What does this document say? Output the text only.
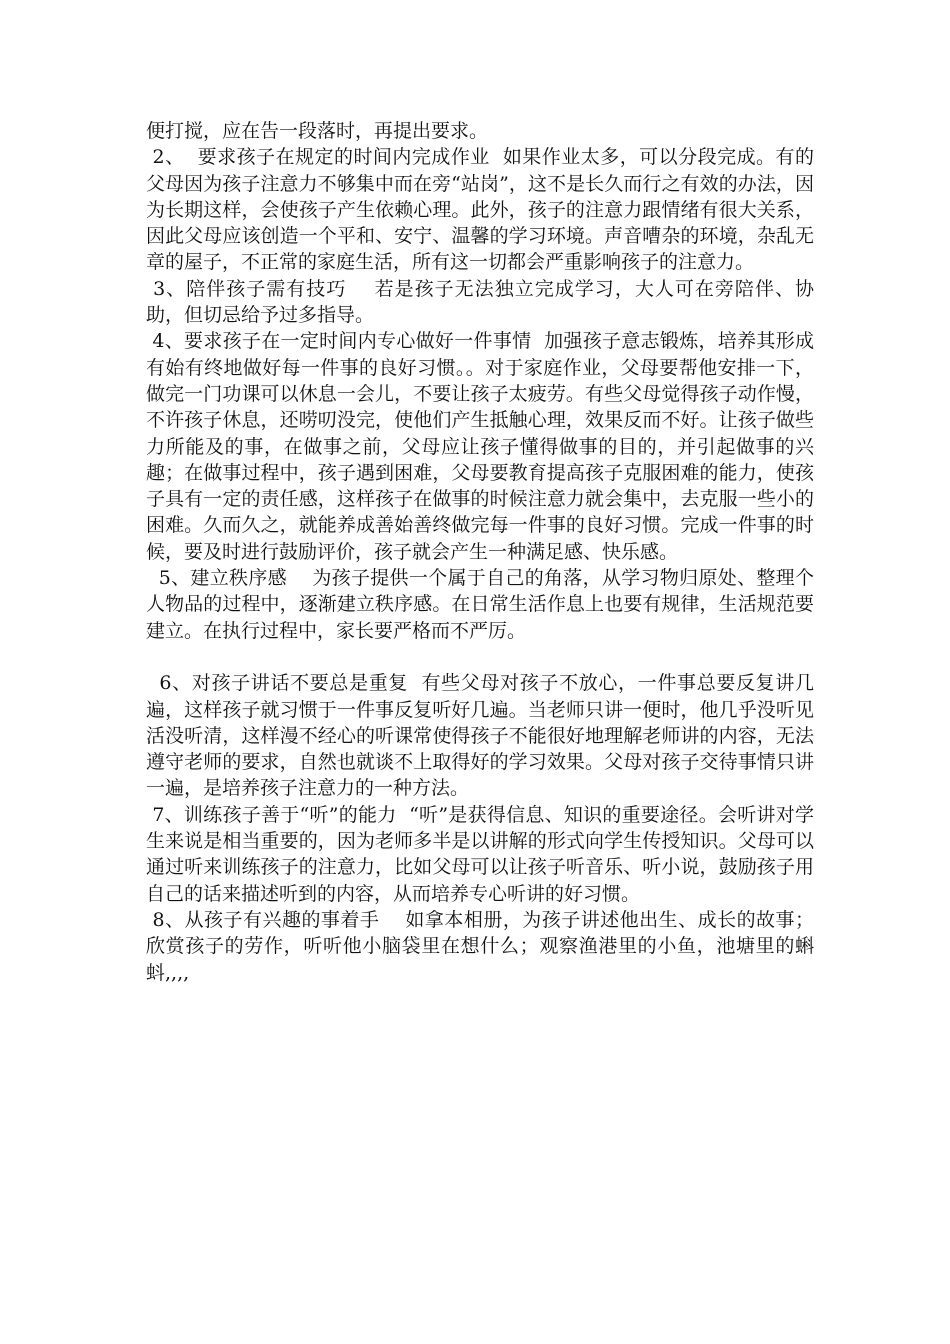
便打搅，应在告一段落时，再提出要求。

2、  要求孩子在规定的时间内完成作业  如果作业太多，可以分段完成。有的父母因为孩子注意力不够集中而在旁“站岗”，这不是长久而行之有效的办法，因为长期这样，会使孩子产生依赖心理。此外，孩子的注意力跟情绪有很大关系，因此父母应该创造一个平和、安宁、温馨的学习环境。声音嘈杂的环境，杂乱无章的屋子，不正常的家庭生活，所有这一切都会严重影响孩子的注意力。

3、陪伴孩子需有技巧    若是孩子无法独立完成学习，大人可在旁陪伴、协助，但切忌给予过多指导。

4、要求孩子在一定时间内专心做好一件事情  加强孩子意志锻炼，培养其形成有始有终地做好每一件事的良好习惯。。对于家庭作业，父母要帮他安排一下，做完一门功课可以休息一会儿，不要让孩子太疲劳。有些父母觉得孩子动作慢，不许孩子休息，还唠叨没完，使他们产生抵触心理，效果反而不好。让孩子做些力所能及的事，在做事之前，父母应让孩子懂得做事的目的，并引起做事的兴趣；在做事过程中，孩子遇到困难，父母要教育提高孩子克服困难的能力，使孩子具有一定的责任感，这样孩子在做事的时候注意力就会集中，去克服一些小的困难。久而久之，就能养成善始善终做完每一件事的良好习惯。完成一件事的时候，要及时进行鼓励评价，孩子就会产生一种满足感、快乐感。

5、建立秩序感    为孩子提供一个属于自己的角落，从学习物归原处、整理个人物品的过程中，逐渐建立秩序感。在日常生活作息上也要有规律，生活规范要建立。在执行过程中，家长要严格而不严厉。

6、对孩子讲话不要总是重复  有些父母对孩子不放心，一件事总要反复讲几遍，这样孩子就习惯于一件事反复听好几遍。当老师只讲一便时，他几乎没听见活没听清，这样漫不经心的听课常使得孩子不能很好地理解老师讲的内容，无法遵守老师的要求，自然也就谈不上取得好的学习效果。父母对孩子交待事情只讲一遍，是培养孩子注意力的一种方法。

7、训练孩子善于“听”的能力  “听”是获得信息、知识的重要途径。会听讲对学生来说是相当重要的，因为老师多半是以讲解的形式向学生传授知识。父母可以通过听来训练孩子的注意力，比如父母可以让孩子听音乐、听小说，鼓励孩子用自己的话来描述听到的内容，从而培养专心听讲的好习惯。

8、从孩子有兴趣的事着手    如拿本相册，为孩子讲述他出生、成长的故事；欣赏孩子的劳作，听听他小脑袋里在想什么；观察渔港里的小鱼，池塘里的蝌蚪,,,,
